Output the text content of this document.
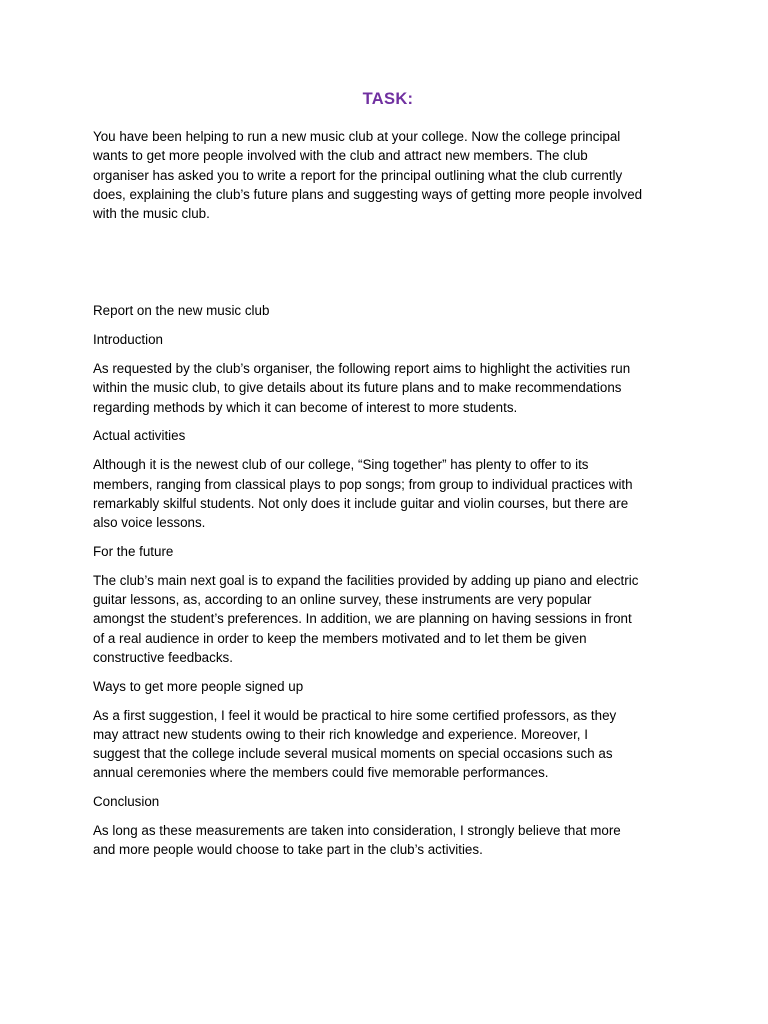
TASK:

You have been helping to run a new music club at your college. Now the college principal
wants to get more people involved with the club and attract new members. The club
organiser has asked you to write a report for the principal outlining what the club currently
does, explaining the club’s future plans and suggesting ways of getting more people involved
with the music club.

Report on the new music club

Introduction

As requested by the club’s organiser, the following report aims to highlight the activities run
within the music club, to give details about its future plans and to make recommendations
regarding methods by which it can become of interest to more students.

Actual activities

Although it is the newest club of our college, “Sing together” has plenty to offer to its
members, ranging from classical plays to pop songs; from group to individual practices with
remarkably skilful students. Not only does it include guitar and violin courses, but there are
also voice lessons.

For the future

The club’s main next goal is to expand the facilities provided by adding up piano and electric
guitar lessons, as, according to an online survey, these instruments are very popular
amongst the student’s preferences. In addition, we are planning on having sessions in front
of a real audience in order to keep the members motivated and to let them be given
constructive feedbacks.

Ways to get more people signed up

As a first suggestion, I feel it would be practical to hire some certified professors, as they
may attract new students owing to their rich knowledge and experience. Moreover, I
suggest that the college include several musical moments on special occasions such as
annual ceremonies where the members could five memorable performances.

Conclusion

As long as these measurements are taken into consideration, I strongly believe that more
and more people would choose to take part in the club’s activities.
